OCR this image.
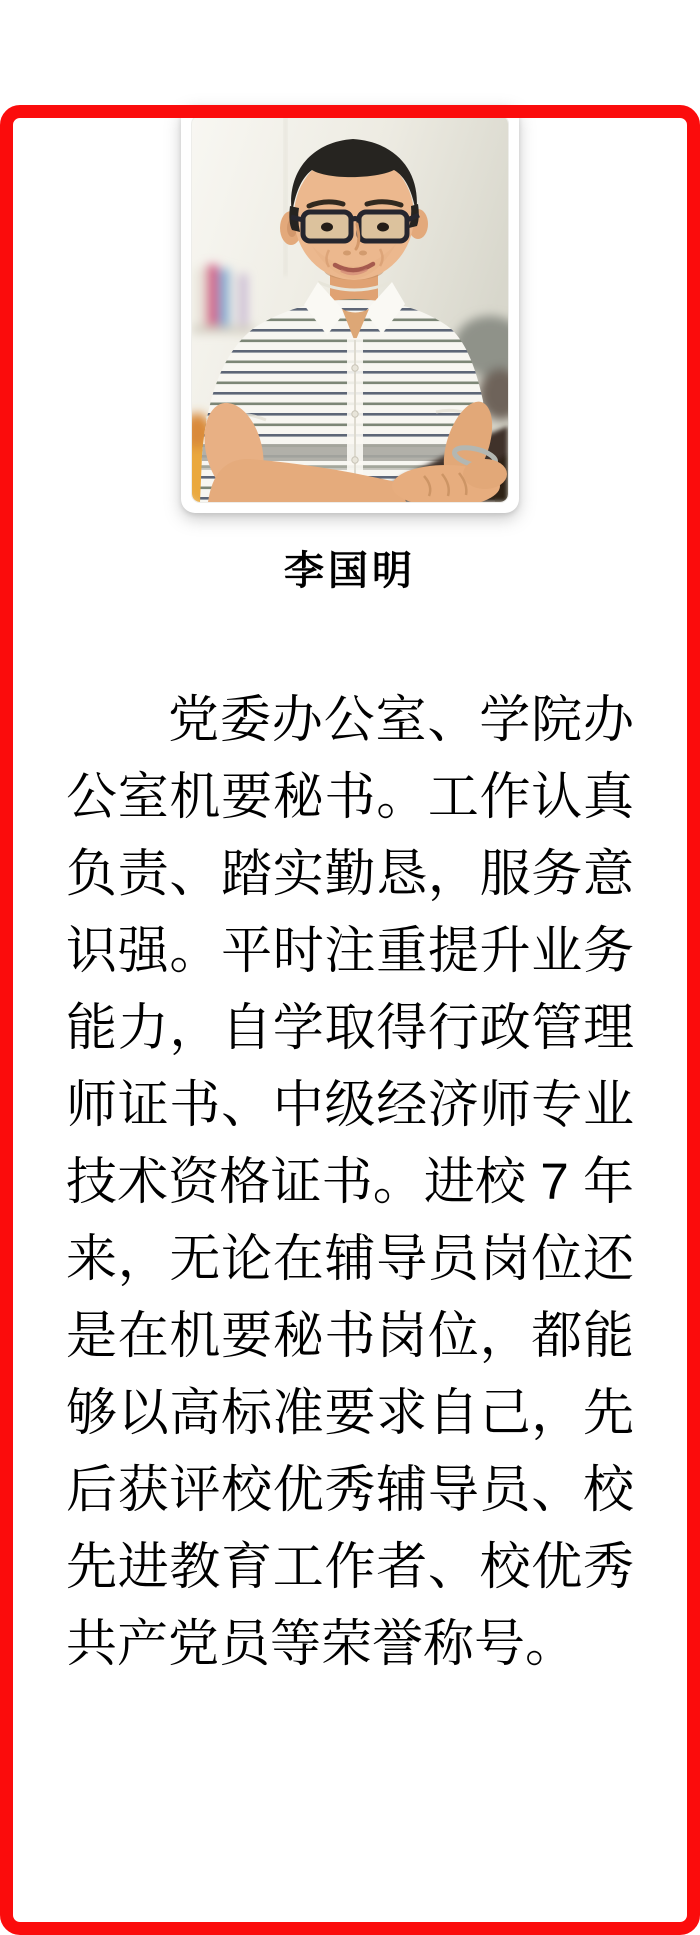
李国明

党委办公室、学院办公室机要秘书。工作认真负责、踏实勤恳，服务意识强。平时注重提升业务能力，自学取得行政管理师证书、中级经济师专业技术资格证书。进校 7 年来，无论在辅导员岗位还是在机要秘书岗位，都能够以高标准要求自己，先后获评校优秀辅导员、校先进教育工作者、校优秀共产党员等荣誉称号。
